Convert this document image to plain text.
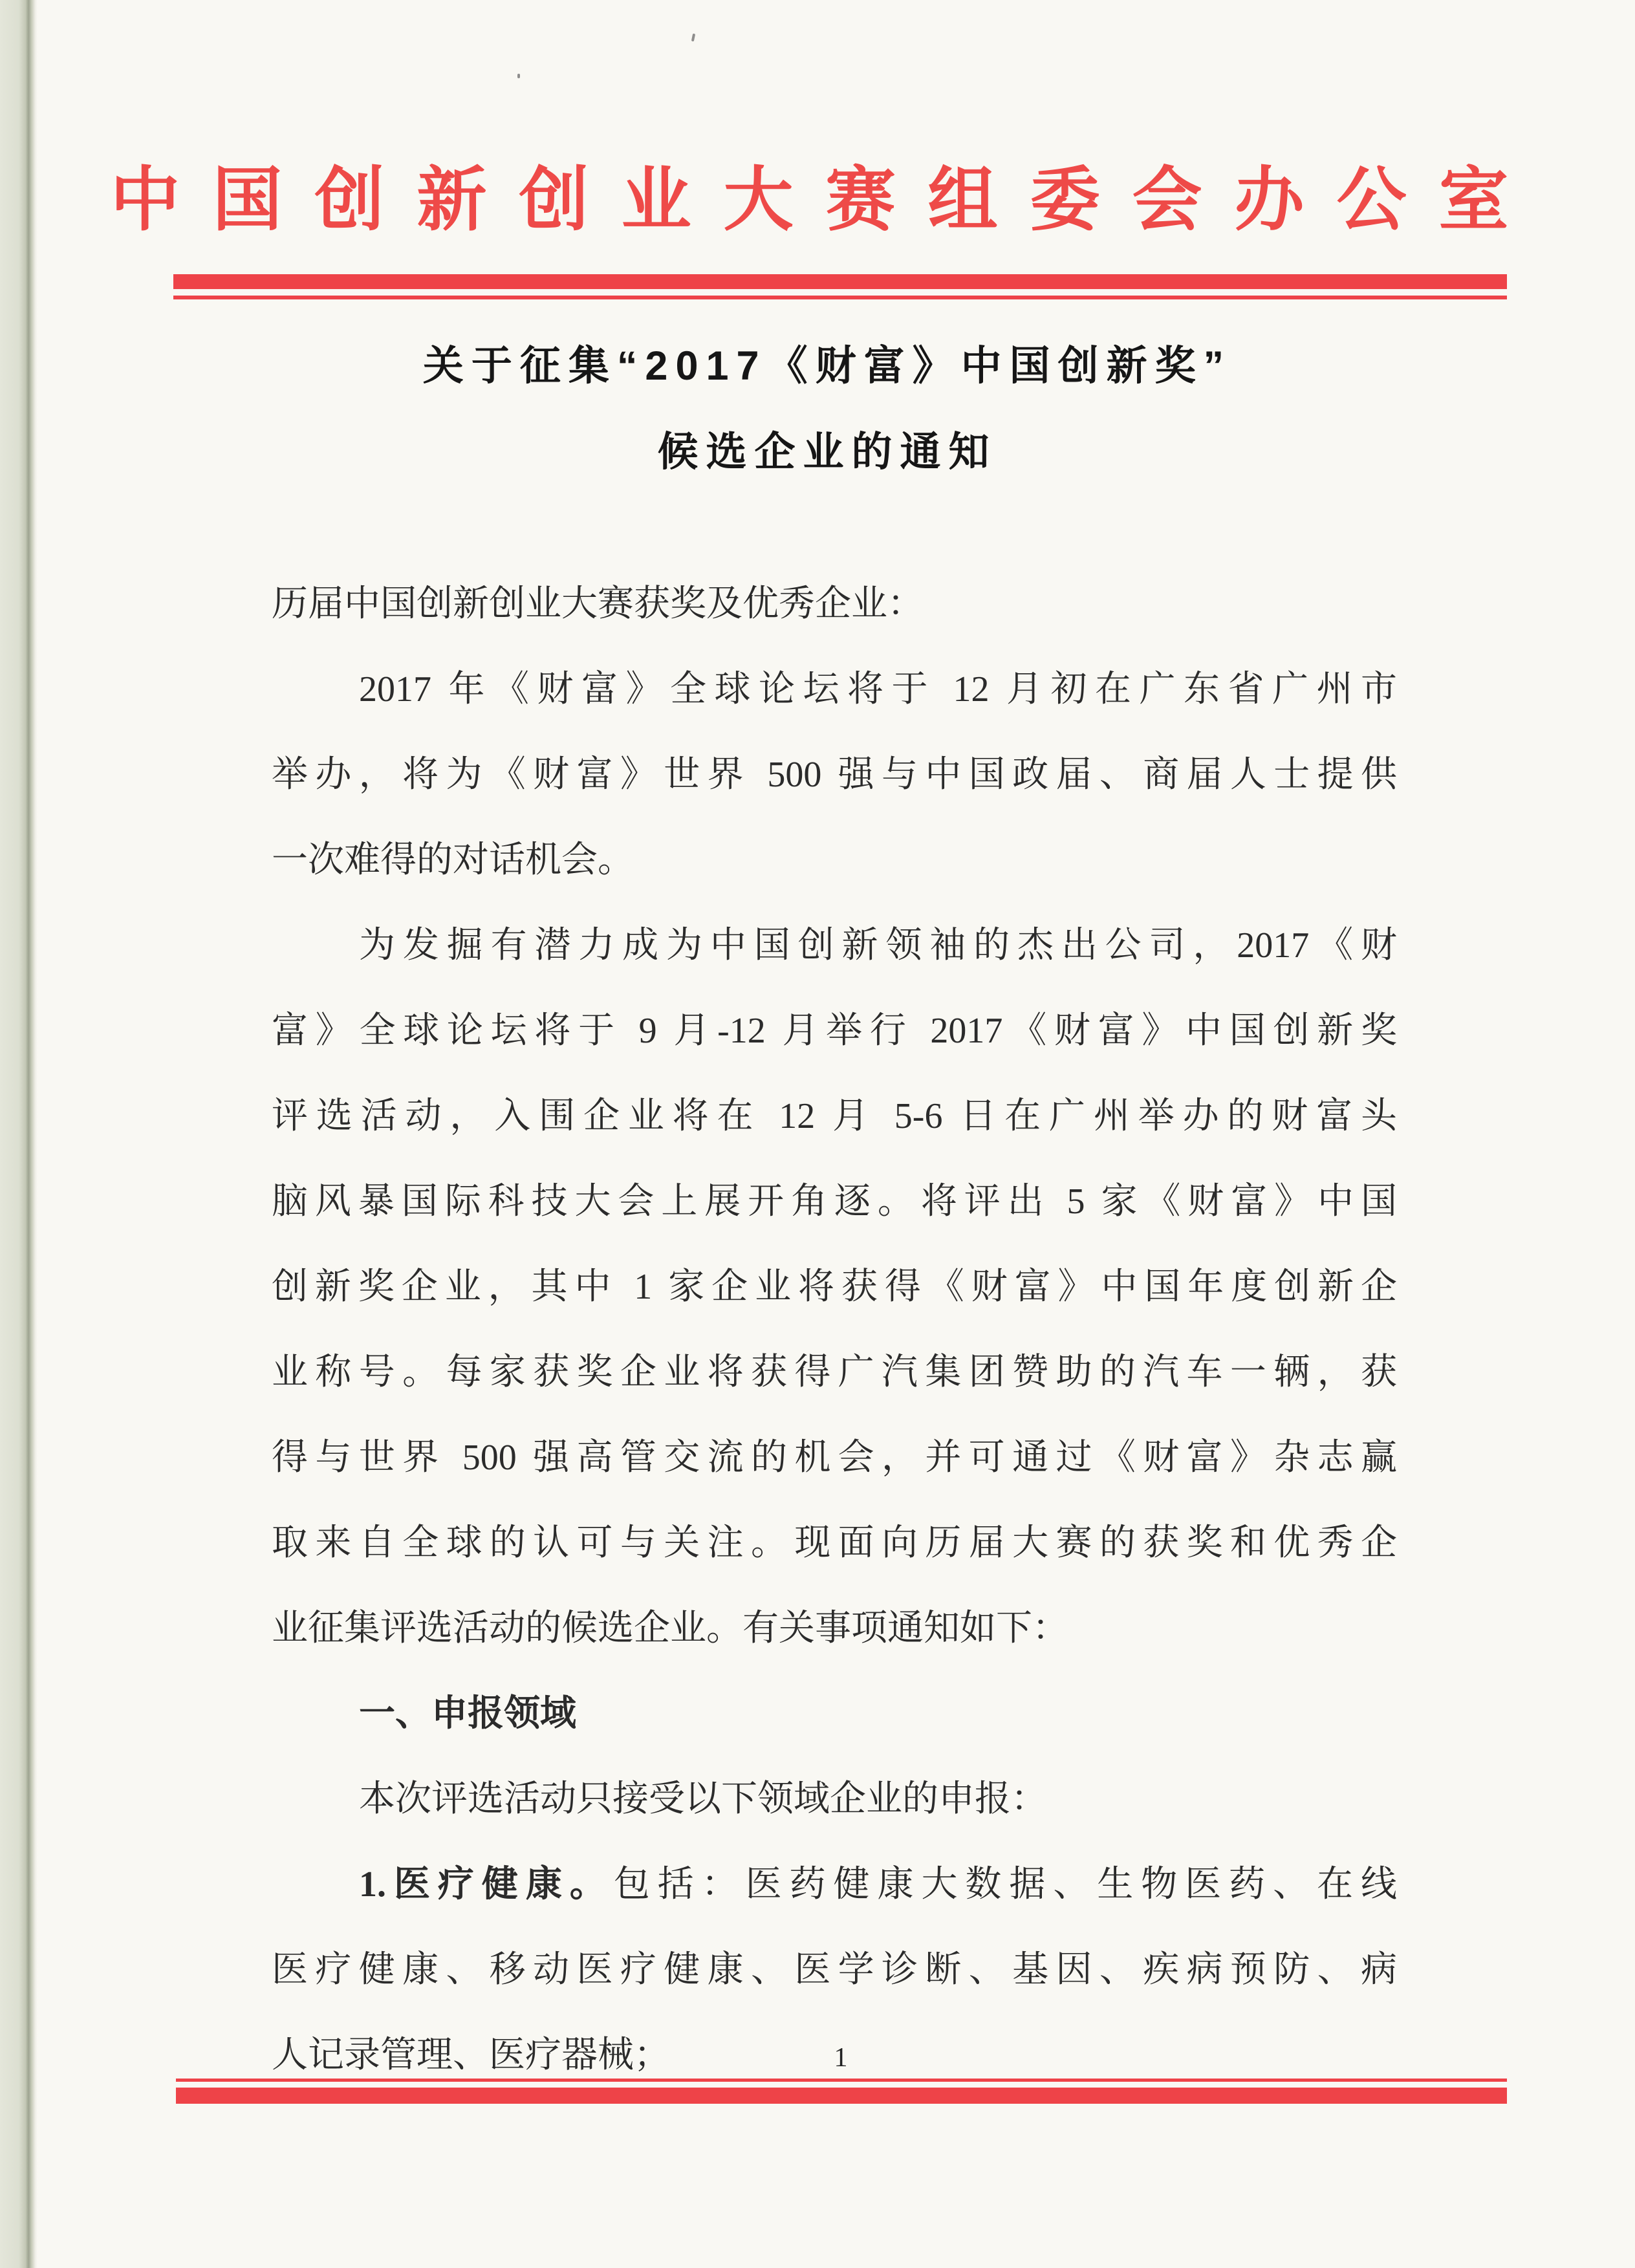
中国创新创业大赛组委会办公室
关于征集“2017《财富》中国创新奖”
候选企业的通知
历届中国创新创业大赛获奖及优秀企业：
2017 年《财富》全球论坛将于 12 月初在广东省广州市
举办，将为《财富》世界 500 强与中国政届、商届人士提供
一次难得的对话机会。
为发掘有潜力成为中国创新领袖的杰出公司，2017《财
富》全球论坛将于 9 月-12 月举行 2017《财富》中国创新奖
评选活动，入围企业将在 12 月 5-6 日在广州举办的财富头
脑风暴国际科技大会上展开角逐。将评出 5 家《财富》中国
创新奖企业，其中 1 家企业将获得《财富》中国年度创新企
业称号。每家获奖企业将获得广汽集团赞助的汽车一辆，获
得与世界 500 强高管交流的机会，并可通过《财富》杂志赢
取来自全球的认可与关注。现面向历届大赛的获奖和优秀企
业征集评选活动的候选企业。有关事项通知如下：
一、申报领域
本次评选活动只接受以下领域企业的申报：
1.医疗健康。包括：医药健康大数据、生物医药、在线
医疗健康、移动医疗健康、医学诊断、基因、疾病预防、病
人记录管理、医疗器械；	1
